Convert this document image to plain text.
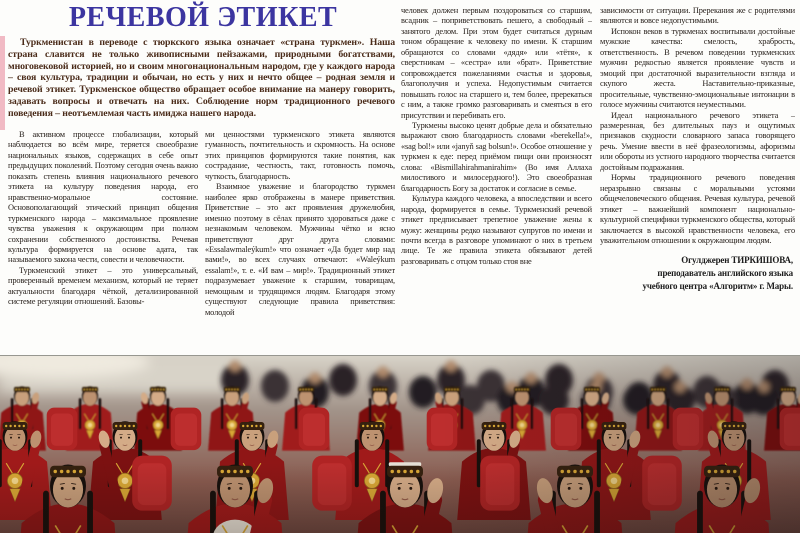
РЕЧЕВОЙ ЭТИКЕТ

Туркменистан в переводе с тюркского языка означает «страна туркмен». Наша страна славится не только живописными пейзажами, природными богатствами, многовековой историей, но и своим многонациональным народом, где у каждого народа – своя культура, традиции и обычаи, но есть у них и нечто общее – родная земля и речевой этикет. Туркменское общество обращает особое внимание на манеру говорить, задавать вопросы и отвечать на них. Соблюдение норм традиционного речевого поведения – неотъемлемая часть имиджа нашего народа.

В активном процессе глобализации, который наблюдается во всём мире, теряется своеобразие национальных языков, содержащих в себе опыт предыдущих поколений. Поэтому сегодня очень важно показать степень влияния национального речевого этикета на культуру поведения народа, его нравственно-моральное состояние. Основополагающий этический принцип общения туркменского народа – максимальное проявление чувства уважения к окружающим при полном сохранении собственного достоинства. Речевая культура формируется на основе адата, так называемого закона чести, совести и человечности.

Туркменский этикет – это универсальный, проверенный временем механизм, который не теряет актуальности благодаря чёткой, детализированной системе регуляции отношений. Базовы-

ми ценностями туркменского этикета являются гуманность, почтительность и скромность. На основе этих принципов формируются такие понятия, как сострадание, честность, такт, готовность помочь, чуткость, благодарность.

Взаимное уважение и благородство туркмен наиболее ярко отображены в манере приветствия. Приветствие – это акт проявления дружелюбия, именно поэтому в сёлах принято здороваться даже с незнакомым человеком. Мужчины чётко и ясно приветствуют друг друга словами: «Essalawmaleýkum!» что означает «Да будет мир над вами!», во всех случаях отвечают: «Waleýkum essalam!», т. е. «И вам – мир!». Традиционный этикет подразумевает уважение к старшим, товарищам, немощным и трудящимся людям. Благодаря этому существуют следующие правила приветствия: молодой

человек должен первым поздороваться со старшим, всадник – поприветствовать пешего, а свободный – занятого делом. При этом будет считаться дурным тоном обращение к человеку по имени. К старшим обращаются со словами «дядя» или «тётя», к сверстникам – «сестра» или «брат». Приветствие сопровождается пожеланиями счастья и здоровья, благополучия и успеха. Недопустимым считается повышать голос на старшего и, тем более, пререкаться с ним, а также громко разговаривать и смеяться в его присутствии и перебивать его.

Туркмены высоко ценят добрые дела и обязательно выражают свою благодарность словами «berekella!», «sag bol!» или «janyň sag bolsun!». Особое отношение у туркмен к еде: перед приёмом пищи они произносят слова: «Bismillahirahmanirahim» (Во имя Аллаха милостивого и милосердного!). Это своеобразная благодарность Богу за достаток и согласие в семье.

Культура каждого человека, а впоследствии и всего народа, формируется в семье. Туркменский речевой этикет предписывает трепетное уважение жены к мужу: женщины редко называют супругов по имени и почти всегда в разговоре упоминают о них в третьем лице. Те же правила этикета обязывают детей разговаривать с отцом только стоя вне

зависимости от ситуации. Пререкания же с родителями являются и вовсе недопустимыми.

Испокон веков в туркменах воспитывали достойные мужские качества: смелость, храбрость, ответственность. В речевом поведении туркменских мужчин редкостью является проявление чувств и эмоций при достаточной выразительности взгляда и скупого жеста. Наставительно-приказные, просительные, чувственно-эмоциональные интонации в голосе мужчины считаются неуместными.

Идеал национального речевого этикета – размеренная, без длительных пауз и ощутимых признаков скудности словарного запаса говорящего речь. Умение ввести в неё фразеологизмы, афоризмы или обороты из устного народного творчества считается достойным подражания.

Нормы традиционного речевого поведения неразрывно связаны с моральными устоями общечеловеческого общения. Речевая культура, речевой этикет – важнейший компонент национально-культурной специфики туркменского общества, который заключается в высокой нравственности человека, его уважительном отношении к окружающим людям.

Огулджерен ТИРКИШОВА,
преподаватель английского языка
учебного центра «Алгоритм» г. Мары.
